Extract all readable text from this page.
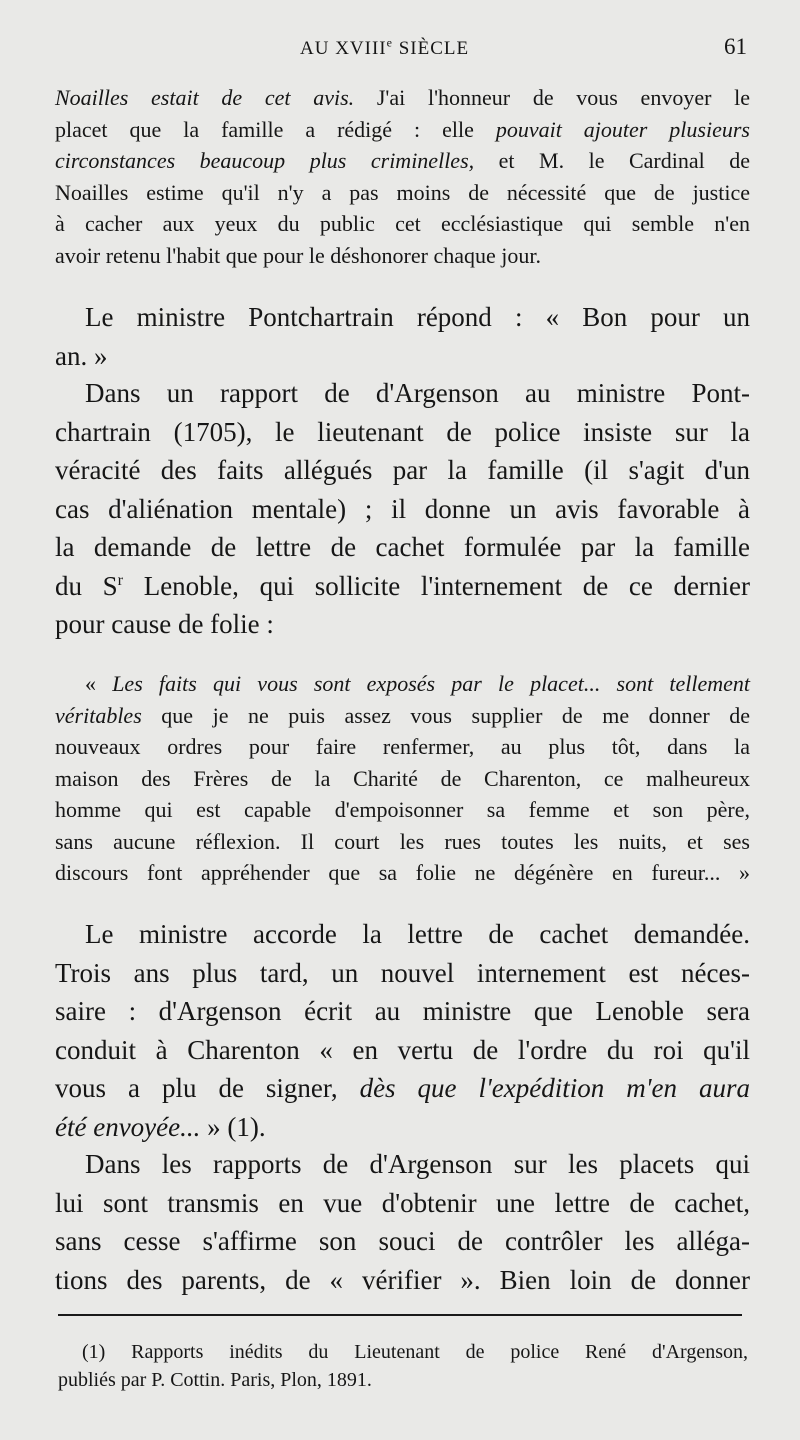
AU XVIIIe SIÈCLE	61
Noailles estait de cet avis. J'ai l'honneur de vous envoyer le
placet que la famille a rédigé : elle pouvait ajouter plusieurs
circonstances beaucoup plus criminelles, et M. le Cardinal de
Noailles estime qu'il n'y a pas moins de nécessité que de justice
à cacher aux yeux du public cet ecclésiastique qui semble n'en
avoir retenu l'habit que pour le déshonorer chaque jour.
Le ministre Pontchartrain répond : « Bon pour un
an. »
Dans un rapport de d'Argenson au ministre Pont-
chartrain (1705), le lieutenant de police insiste sur la
véracité des faits allégués par la famille (il s'agit d'un
cas d'aliénation mentale) ; il donne un avis favorable à
la demande de lettre de cachet formulée par la famille
du $S^r$ Lenoble, qui sollicite l'internement de ce dernier
pour cause de folie :
« Les faits qui vous sont exposés par le placet... sont tellement
véritables que je ne puis assez vous supplier de me donner de
nouveaux ordres pour faire renfermer, au plus tôt, dans la
maison des Frères de la Charité de Charenton, ce malheureux
homme qui est capable d'empoisonner sa femme et son père,
sans aucune réflexion. Il court les rues toutes les nuits, et ses
discours font appréhender que sa folie ne dégénère en fureur... »
Le ministre accorde la lettre de cachet demandée.
Trois ans plus tard, un nouvel internement est néces-
saire : d'Argenson écrit au ministre que Lenoble sera
conduit à Charenton « en vertu de l'ordre du roi qu'il
vous a plu de signer, dès que l'expédition m'en aura
été envoyée... » (1).
Dans les rapports de d'Argenson sur les placets qui
lui sont transmis en vue d'obtenir une lettre de cachet,
sans cesse s'affirme son souci de contrôler les alléga-
tions des parents, de « vérifier ». Bien loin de donner
(1) Rapports inédits du Lieutenant de police René d'Argenson,
publiés par P. Cottin. Paris, Plon, 1891.
